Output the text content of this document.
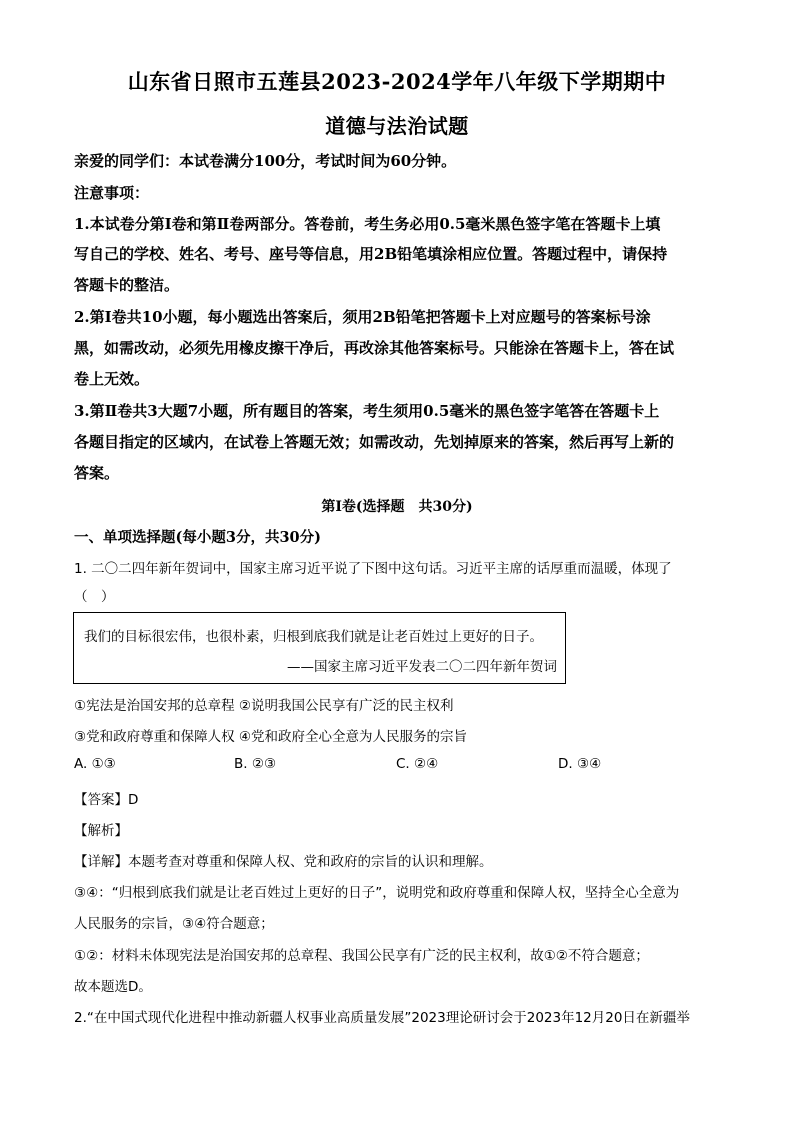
山东省日照市五莲县2023-2024学年八年级下学期期中
道德与法治试题
亲爱的同学们：本试卷满分100分，考试时间为60分钟。
注意事项：
1.本试卷分第Ⅰ卷和第Ⅱ卷两部分。答卷前，考生务必用0.5毫米黑色签字笔在答题卡上填
写自己的学校、姓名、考号、座号等信息，用2B铅笔填涂相应位置。答题过程中，请保持
答题卡的整洁。
2.第Ⅰ卷共10小题，每小题选出答案后，须用2B铅笔把答题卡上对应题号的答案标号涂
黑，如需改动，必须先用橡皮擦干净后，再改涂其他答案标号。只能涂在答题卡上，答在试
卷上无效。
3.第Ⅱ卷共3大题7小题，所有题目的答案，考生须用0.5毫米的黑色签字笔答在答题卡上
各题目指定的区域内，在试卷上答题无效；如需改动，先划掉原来的答案，然后再写上新的
答案。
第Ⅰ卷(选择题　共30分)
一、单项选择题(每小题3分，共30分)
1. 二〇二四年新年贺词中，国家主席习近平说了下图中这句话。习近平主席的话厚重而温暖，体现了
（　）
我们的目标很宏伟，也很朴素，归根到底我们就是让老百姓过上更好的日子。
——国家主席习近平发表二〇二四年新年贺词
①宪法是治国安邦的总章程 ②说明我国公民享有广泛的民主权利
③党和政府尊重和保障人权 ④党和政府全心全意为人民服务的宗旨
A. ①③	B. ②③	C. ②④	D. ③④
【答案】D
【解析】
【详解】本题考查对尊重和保障人权、党和政府的宗旨的认识和理解。
③④：“归根到底我们就是让老百姓过上更好的日子”，说明党和政府尊重和保障人权，坚持全心全意为
人民服务的宗旨，③④符合题意；
①②：材料未体现宪法是治国安邦的总章程、我国公民享有广泛的民主权利，故①②不符合题意；
故本题选D。
2.“在中国式现代化进程中推动新疆人权事业高质量发展”2023理论研讨会于2023年12月20日在新疆举
